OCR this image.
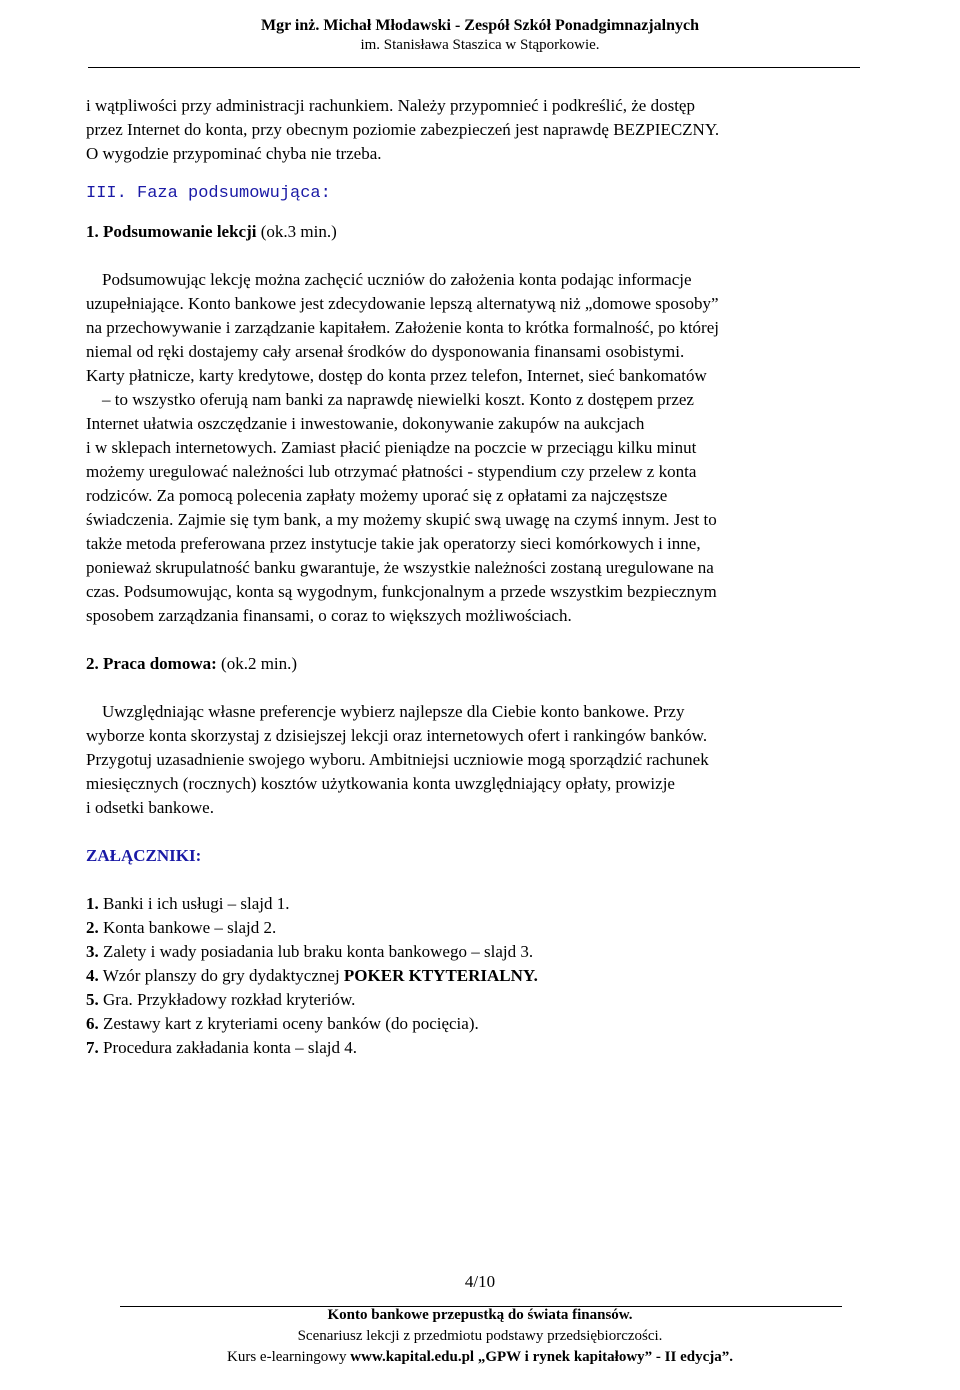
Mgr inż. Michał Młodawski - Zespół Szkół Ponadgimnazjalnych
im. Stanisława Staszica w Stąporkowie.

i wątpliwości przy administracji rachunkiem. Należy przypomnieć i podkreślić, że dostęp

przez Internet do konta, przy obecnym poziomie zabezpieczeń jest naprawdę BEZPIECZNY.

O wygodzie przypominać chyba nie trzeba.

III. Faza podsumowująca:

1. Podsumowanie lekcji (ok.3 min.)

Podsumowując lekcję można zachęcić uczniów do założenia konta podając informacje

uzupełniające. Konto bankowe jest zdecydowanie lepszą alternatywą niż „domowe sposoby”

na przechowywanie i zarządzanie kapitałem. Założenie konta to krótka formalność, po której

niemal od ręki dostajemy cały arsenał środków do dysponowania finansami osobistymi.

Karty płatnicze, karty kredytowe, dostęp do konta przez telefon, Internet, sieć bankomatów

– to wszystko oferują nam banki za naprawdę niewielki koszt. Konto z dostępem przez

Internet ułatwia oszczędzanie i inwestowanie, dokonywanie zakupów na aukcjach

i w sklepach internetowych. Zamiast płacić pieniądze na poczcie w przeciągu kilku minut

możemy uregulować należności lub otrzymać płatności - stypendium czy przelew z konta

rodziców. Za pomocą polecenia zapłaty możemy uporać się z opłatami za najczęstsze

świadczenia. Zajmie się tym bank, a my możemy skupić swą uwagę na czymś innym. Jest to

także metoda preferowana przez instytucje takie jak operatorzy sieci komórkowych i inne,

ponieważ skrupulatność banku gwarantuje, że wszystkie należności zostaną uregulowane na

czas. Podsumowując, konta są wygodnym, funkcjonalnym a przede wszystkim bezpiecznym

sposobem zarządzania finansami, o coraz to większych możliwościach.

2. Praca domowa: (ok.2 min.)

Uwzględniając własne preferencje wybierz najlepsze dla Ciebie konto bankowe. Przy

wyborze konta skorzystaj z dzisiejszej lekcji oraz internetowych ofert i rankingów banków.

Przygotuj uzasadnienie swojego wyboru. Ambitniejsi uczniowie mogą sporządzić rachunek

miesięcznych (rocznych) kosztów użytkowania konta uwzględniający opłaty, prowizje

i odsetki bankowe.

ZAŁĄCZNIKI:

1. Banki i ich usługi – slajd 1.
2. Konta bankowe – slajd 2.
3. Zalety i wady posiadania lub braku konta bankowego – slajd 3.
4. Wzór planszy do gry dydaktycznej POKER KTYTERIALNY.
5. Gra. Przykładowy rozkład kryteriów.
6. Zestawy kart z kryteriami oceny banków (do pocięcia).
7. Procedura zakładania konta – slajd 4.
4/10
Konto bankowe przepustką do świata finansów.
Scenariusz lekcji z przedmiotu podstawy przedsiębiorczości.
Kurs e-learningowy www.kapital.edu.pl „GPW i rynek kapitałowy” - II edycja”.
